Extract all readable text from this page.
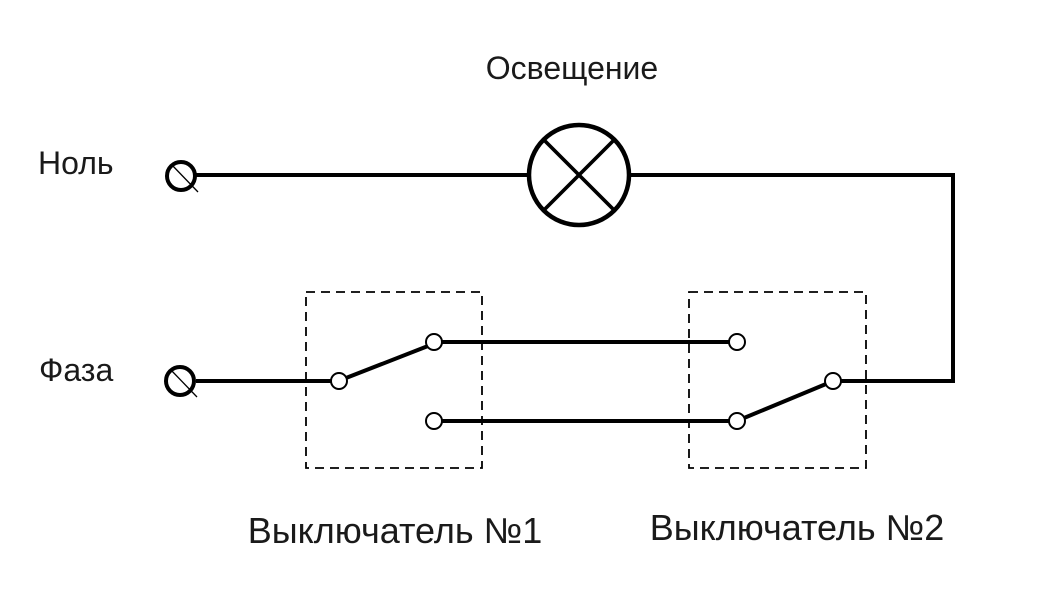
Освещение
Ноль
Фаза
Выключатель №1	Выключатель №2
